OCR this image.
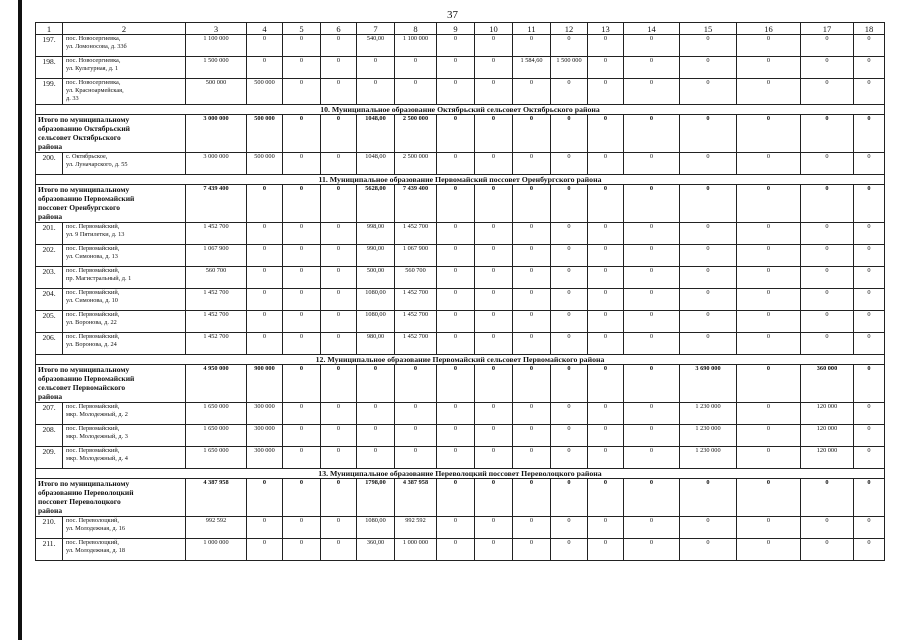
37
1	2	3	4	5	6	7	8	9	10	11	12	13	14	15	16	17	18
197.	пос. Новосергиевка,
ул. Ломоносова, д. 33б	1 100 000	0	0	0	540,00	1 100 000	0	0	0	0	0	0	0	0	0	0
198.	пос. Новосергиевка,
ул. Культурная, д. 1	1 500 000	0	0	0	0	0	0	0	1 584,60	1 500 000	0	0	0	0	0	0
199.	пос. Новосергиевка,
ул. Красноармейская,
д. 33	500 000	500 000	0	0	0	0	0	0	0	0	0	0	0	0	0	0
10. Муниципальное образование Октябрьский сельсовет Октябрьского района																	

Итого по муниципальному
образованию Октябрьский
сельсовет Октябрьского
района		3 000 000	500 000	0	0	1048,00	2 500 000	0	0	0	0	0	0	0	0	0	0
200.	с. Октябрьское,
ул. Луначарского, д. 55	3 000 000	500 000	0	0	1048,00	2 500 000	0	0	0	0	0	0	0	0	0	0
11. Муниципальное образование Первомайский поссовет Оренбургского района																	

Итого по муниципальному
образованию Первомайский
поссовет Оренбургского
района		7 439 400	0	0	0	5628,00	7 439 400	0	0	0	0	0	0	0	0	0	0
201.	пос. Первомайский,
ул. 9 Пятилетки, д. 13	1 452 700	0	0	0	998,00	1 452 700	0	0	0	0	0	0	0	0	0	0
202.	пос. Первомайский,
ул. Симонова, д. 13	1 067 900	0	0	0	990,00	1 067 900	0	0	0	0	0	0	0	0	0	0
203.	пос. Первомайский,
пр. Магистральный, д. 1	560 700	0	0	0	500,00	560 700	0	0	0	0	0	0	0	0	0	0
204.	пос. Первомайский,
ул. Симонова, д. 10	1 452 700	0	0	0	1080,00	1 452 700	0	0	0	0	0	0	0	0	0	0
205.	пос. Первомайский,
ул. Воронова, д. 22	1 452 700	0	0	0	1080,00	1 452 700	0	0	0	0	0	0	0	0	0	0
206.	пос. Первомайский,
ул. Воронова, д. 24	1 452 700	0	0	0	980,00	1 452 700	0	0	0	0	0	0	0	0	0	0
12. Муниципальное образование Первомайский сельсовет Первомайского района																	

Итого по муниципальному
образованию Первомайский
сельсовет Первомайского
района		4 950 000	900 000	0	0	0	0	0	0	0	0	0	0	3 690 000	0	360 000	0
207.	пос. Первомайский,
мкр. Молодежный, д. 2	1 650 000	300 000	0	0	0	0	0	0	0	0	0	0	1 230 000	0	120 000	0
208.	пос. Первомайский,
мкр. Молодежный, д. 3	1 650 000	300 000	0	0	0	0	0	0	0	0	0	0	1 230 000	0	120 000	0
209.	пос. Первомайский,
мкр. Молодежный, д. 4	1 650 000	300 000	0	0	0	0	0	0	0	0	0	0	1 230 000	0	120 000	0
13. Муниципальное образование Переволоцкий поссовет Переволоцкого района																	

Итого по муниципальному
образованию Переволоцкий
поссовет Переволоцкого
района		4 387 958	0	0	0	1798,00	4 387 958	0	0	0	0	0	0	0	0	0	0
210.	пос. Переволоцкий,
ул. Молодежная, д. 16	992 592	0	0	0	1080,00	992 592	0	0	0	0	0	0	0	0	0	0
211.	пос. Переволоцкий,
ул. Молодежная, д. 18	1 000 000	0	0	0	360,00	1 000 000	0	0	0	0	0	0	0	0	0	0
